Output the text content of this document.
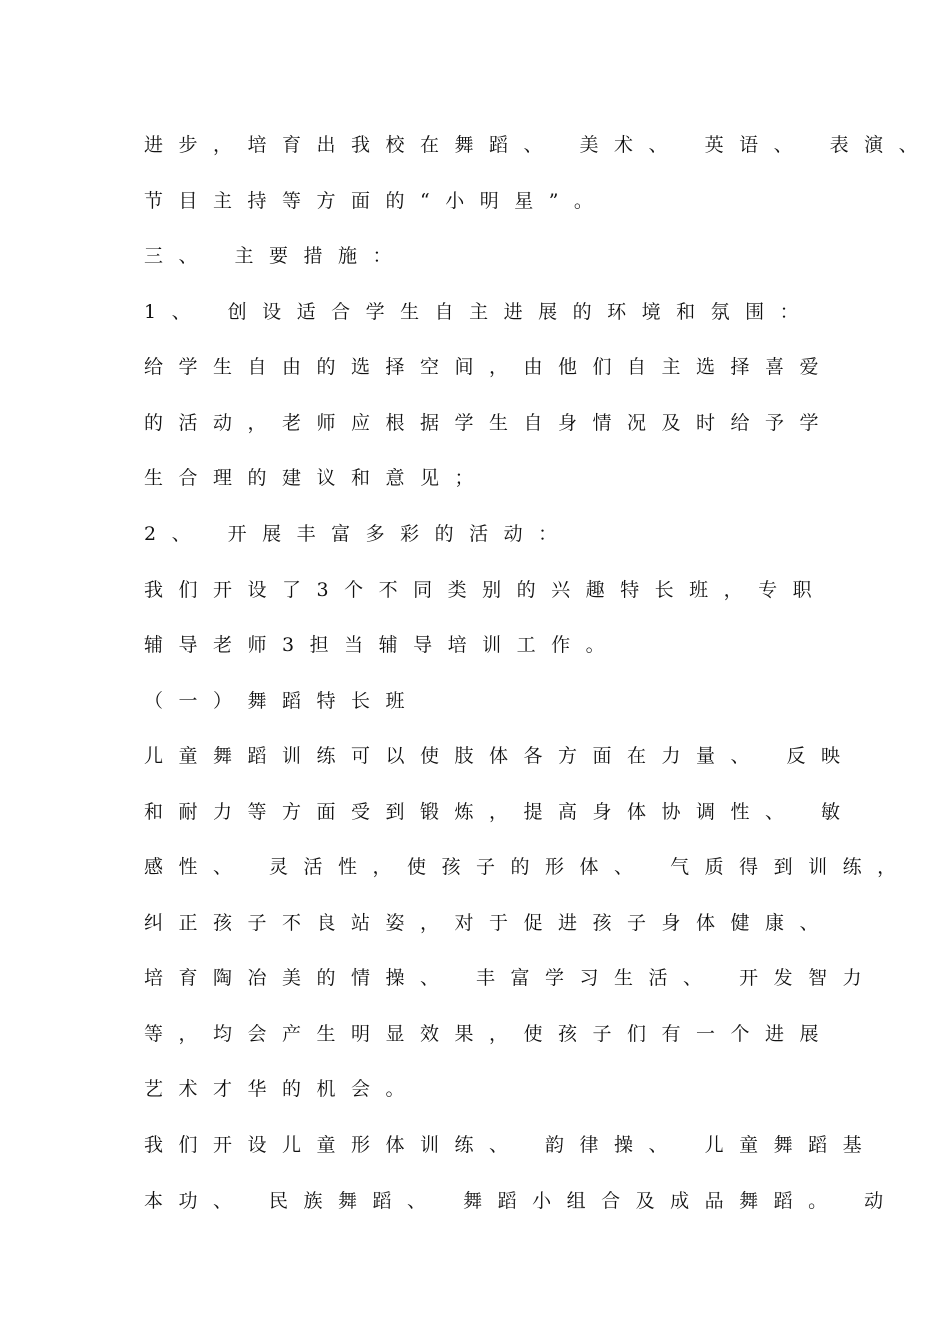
进步，培育出我校在舞蹈、 美术、 英语、 表演、
节目主持等方面的“小明星”。
三、 主要措施：
1、 创设适合学生自主进展的环境和氛围：
给学生自由的选择空间，由他们自主选择喜爱
的活动，老师应根据学生自身情况及时给予学
生合理的建议和意见；
2、 开展丰富多彩的活动：
我们开设了3个不同类别的兴趣特长班，专职
辅导老师3担当辅导培训工作。
（一）舞蹈特长班
儿童舞蹈训练可以使肢体各方面在力量、 反映
和耐力等方面受到锻炼，提高身体协调性、 敏
感性、 灵活性，使孩子的形体、 气质得到训练，
纠正孩子不良站姿，对于促进孩子身体健康、
培育陶冶美的情操、 丰富学习生活、 开发智力
等，均会产生明显效果，使孩子们有一个进展
艺术才华的机会。
我们开设儿童形体训练、 韵律操、 儿童舞蹈基
本功、 民族舞蹈、 舞蹈小组合及成品舞蹈。 动
